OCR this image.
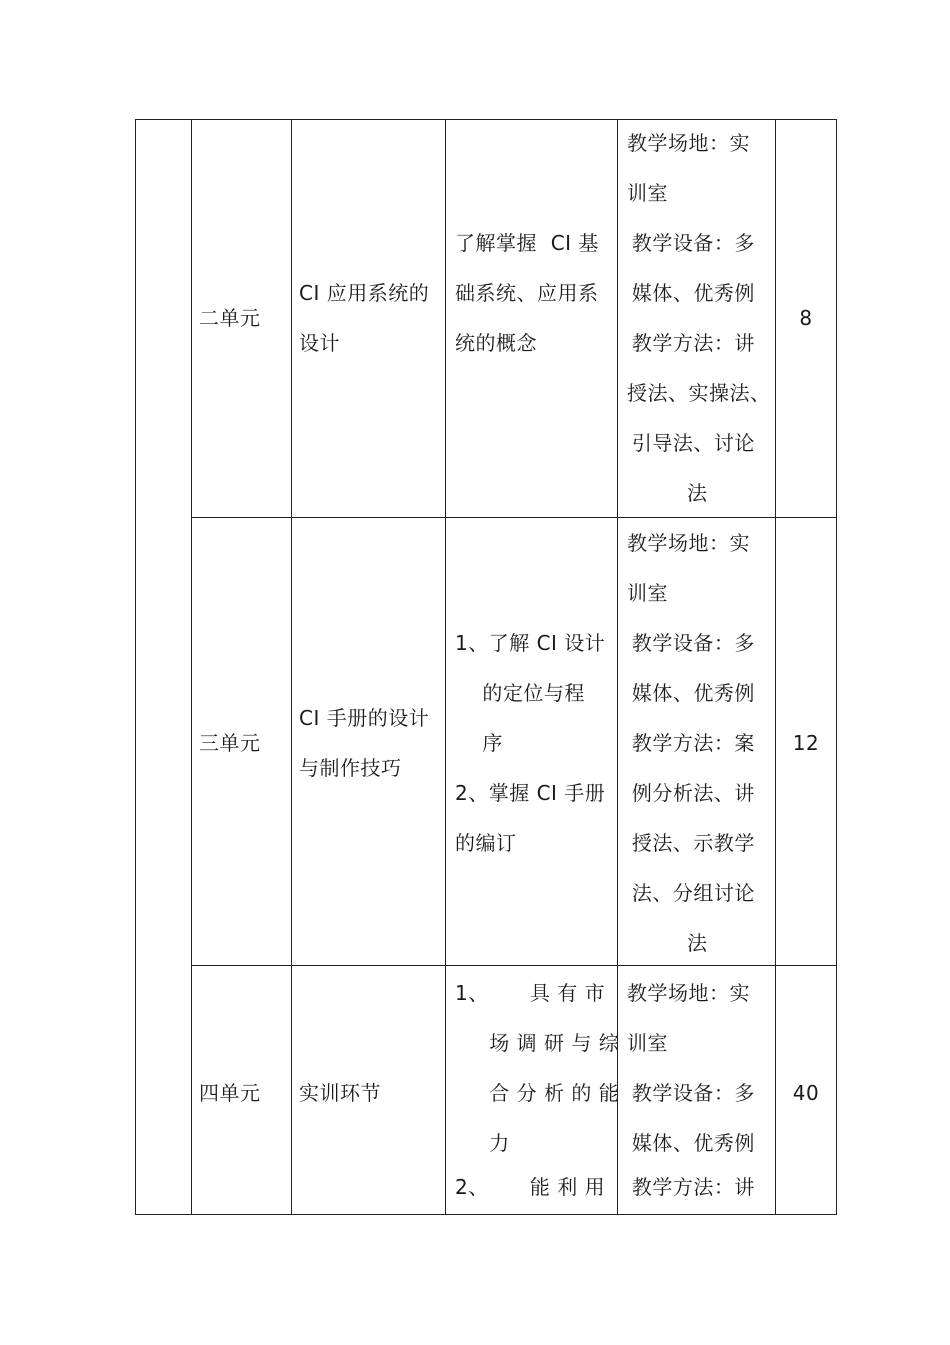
二单元
CI 应用系统的
设计
了解掌握  CI 基
础系统、应用系
统的概念
教学场地：实
训室
教学设备：多
媒体、优秀例
教学方法：讲
授法、实操法、
引导法、讨论
法
8
三单元
CI 手册的设计
与制作技巧
1、了解 CI 设计
的定位与程
序
2、掌握 CI 手册
的编订
教学场地：实
训室
教学设备：多
媒体、优秀例
教学方法：案
例分析法、讲
授法、示教学
法、分组讨论
法
12
四单元 实训环节
1、      具 有 市
场 调 研 与 综
合 分 析 的 能
力
2、      能 利 用
教学场地：实
训室
教学设备：多
媒体、优秀例
教学方法：讲
40
